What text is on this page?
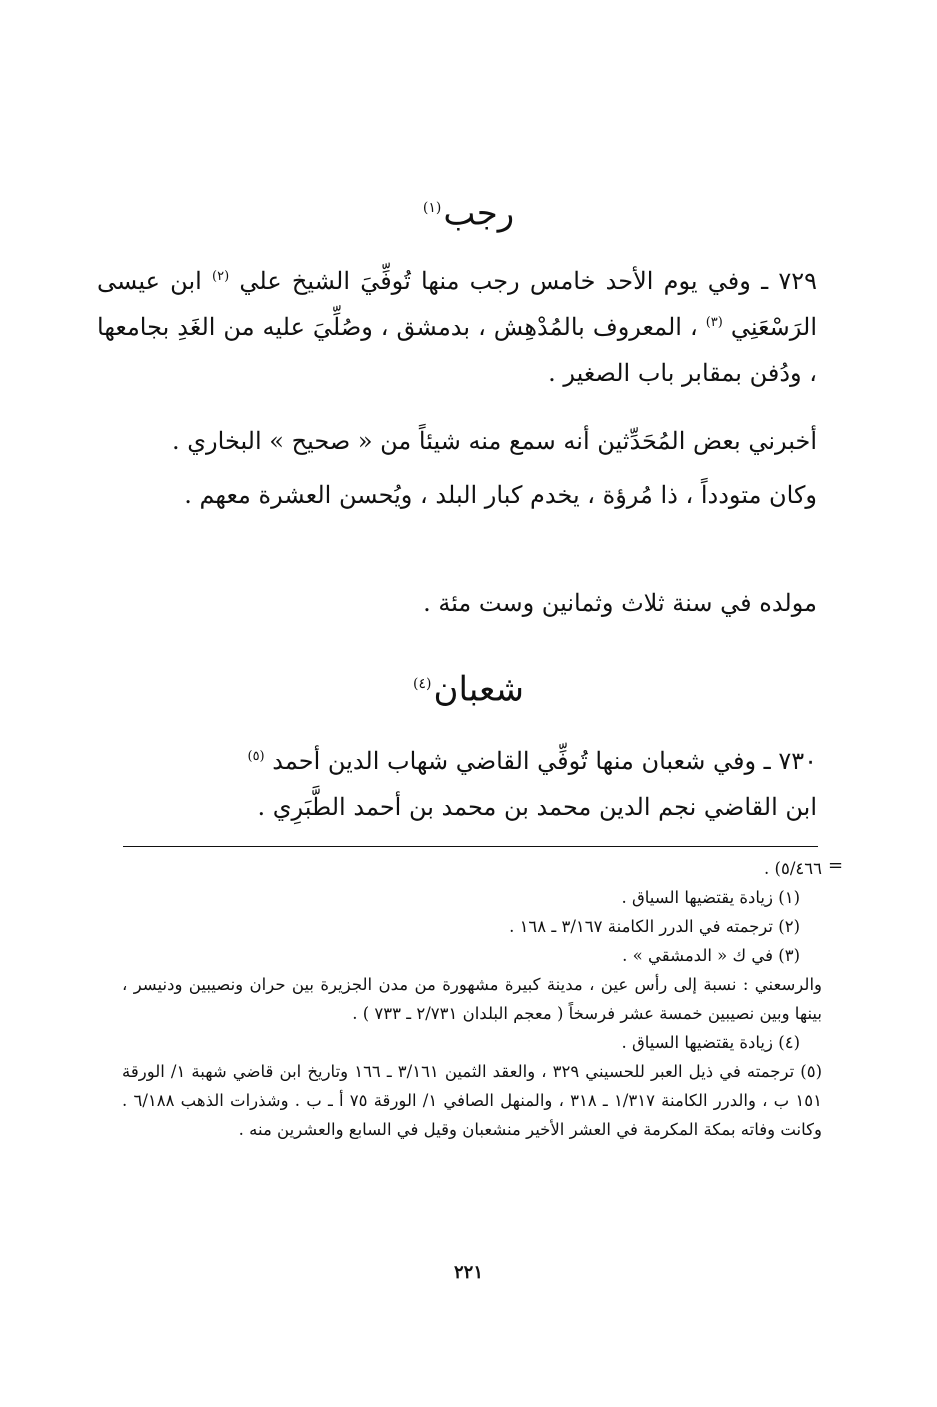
رجب$^{(١)}$

٧٢٩ ـ وفي يوم الأحد خامس رجب منها تُوفِّيَ الشيخ علي $^{(٢)}$ ابن عيسى الرَسْعَنِي $^{(٣)}$ ، المعروف بالمُدْهِش ، بدمشق ، وصُلِّيَ عليه من الغَدِ بجامعها ، ودُفن بمقابر باب الصغير .

أخبرني بعض المُحَدِّثين أنه سمع منه شيئاً من « صحيح » البخاري .

وكان متودداً ، ذا مُرؤة ، يخدم كبار البلد ، ويُحسن العشرة معهم .

مولده في سنة ثلاث وثمانين وست مئة .

شعبان$^{(٤)}$

٧٣٠ ـ وفي شعبان منها تُوفِّي القاضي شهاب الدين أحمد $^{(٥)}$

ابن القاضي نجم الدين محمد بن محمد بن أحمد الطَّبَرِي .

=

٥/٤٦٦) .

(١) زيادة يقتضيها السياق .

(٢) ترجمته في الدرر الكامنة ٣/١٦٧ ـ ١٦٨ .

(٣) في ك « الدمشقي » .

والرسعني : نسبة إلى رأس عين ، مدينة كبيرة مشهورة من مدن الجزيرة بين حران ونصيبين ودنيسر ، بينها وبين نصيبين خمسة عشر فرسخاً ( معجم البلدان ٢/٧٣١ ـ ٧٣٣ ) .

(٤) زيادة يقتضيها السياق .

(٥) ترجمته في ذيل العبر للحسيني ٣٢٩ ، والعقد الثمين ٣/١٦١ ـ ١٦٦ وتاريخ ابن قاضي شهبة ١/ الورقة ١٥١ ب ، والدرر الكامنة ١/٣١٧ ـ ٣١٨ ، والمنهل الصافي ١/ الورقة ٧٥ أ ـ ب . وشذرات الذهب ٦/١٨٨ . وكانت وفاته بمكة المكرمة في العشر الأخير منشعبان وقيل في السابع والعشرين منه .

٢٢١
